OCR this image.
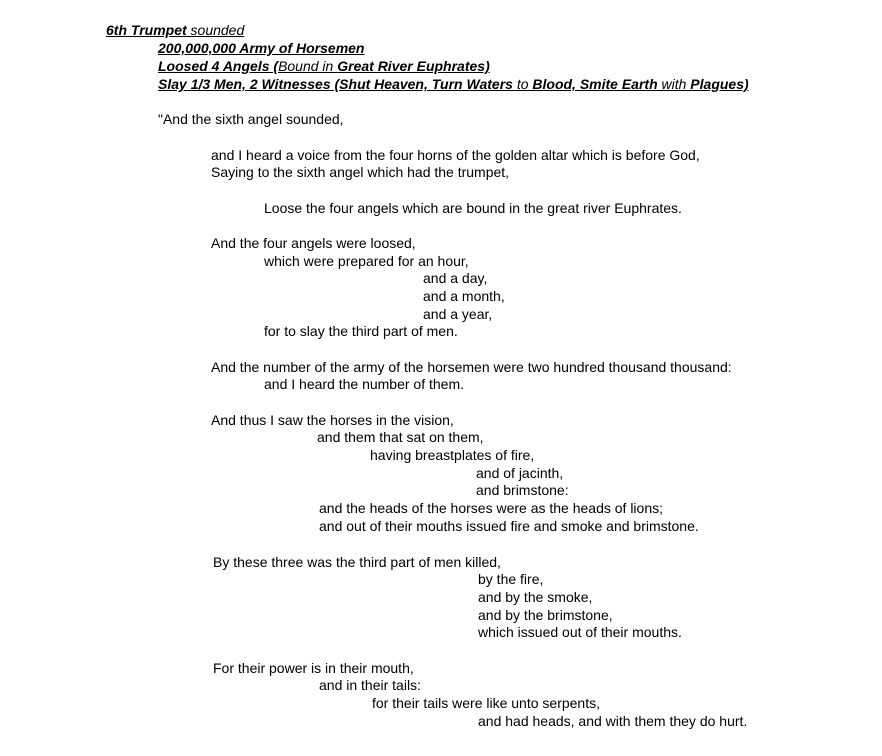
6th Trumpet sounded
200,000,000 Army of Horsemen
Loosed 4 Angels (Bound in Great River Euphrates)
Slay 1/3 Men, 2 Witnesses (Shut Heaven, Turn Waters to Blood, Smite Earth with Plagues)
"And the sixth angel sounded,
and I heard a voice from the four horns of the golden altar which is before God,
Saying to the sixth angel which had the trumpet,
Loose the four angels which are bound in the great river Euphrates.
And the four angels were loosed,
which were prepared for an hour,
and a day,
and a month,
and a year,
for to slay the third part of men.
And the number of the army of the horsemen were two hundred thousand thousand:
and I heard the number of them.
And thus I saw the horses in the vision,
and them that sat on them,
having breastplates of fire,
and of jacinth,
and brimstone:
and the heads of the horses were as the heads of lions;
and out of their mouths issued fire and smoke and brimstone.
By these three was the third part of men killed,
by the fire,
and by the smoke,
and by the brimstone,
which issued out of their mouths.
For their power is in their mouth,
and in their tails:
for their tails were like unto serpents,
and had heads, and with them they do hurt.
